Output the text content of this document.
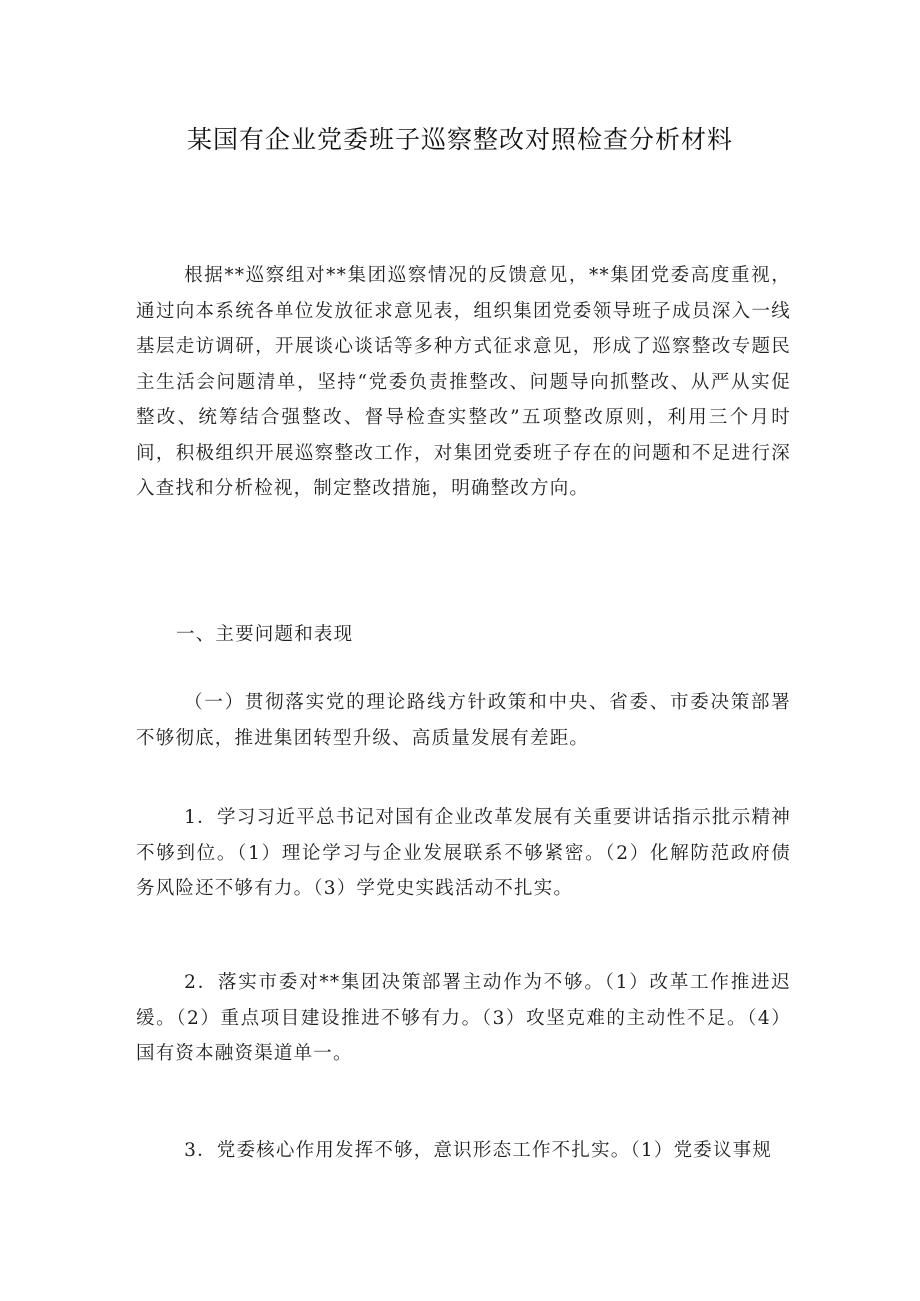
某国有企业党委班子巡察整改对照检查分析材料

根据**巡察组对**集团巡察情况的反馈意见，**集团党委高度重视，通过向本系统各单位发放征求意见表，组织集团党委领导班子成员深入一线基层走访调研，开展谈心谈话等多种方式征求意见，形成了巡察整改专题民主生活会问题清单，坚持“党委负责推整改、问题导向抓整改、从严从实促整改、统筹结合强整改、督导检查实整改”五项整改原则，利用三个月时间，积极组织开展巡察整改工作，对集团党委班子存在的问题和不足进行深入查找和分析检视，制定整改措施，明确整改方向。

一、主要问题和表现

（一）贯彻落实党的理论路线方针政策和中央、省委、市委决策部署不够彻底，推进集团转型升级、高质量发展有差距。

1．学习习近平总书记对国有企业改革发展有关重要讲话指示批示精神不够到位。（1）理论学习与企业发展联系不够紧密。（2）化解防范政府债务风险还不够有力。（3）学党史实践活动不扎实。

2．落实市委对**集团决策部署主动作为不够。（1）改革工作推进迟缓。（2）重点项目建设推进不够有力。（3）攻坚克难的主动性不足。（4）国有资本融资渠道单一。

3．党委核心作用发挥不够，意识形态工作不扎实。（1）党委议事规
